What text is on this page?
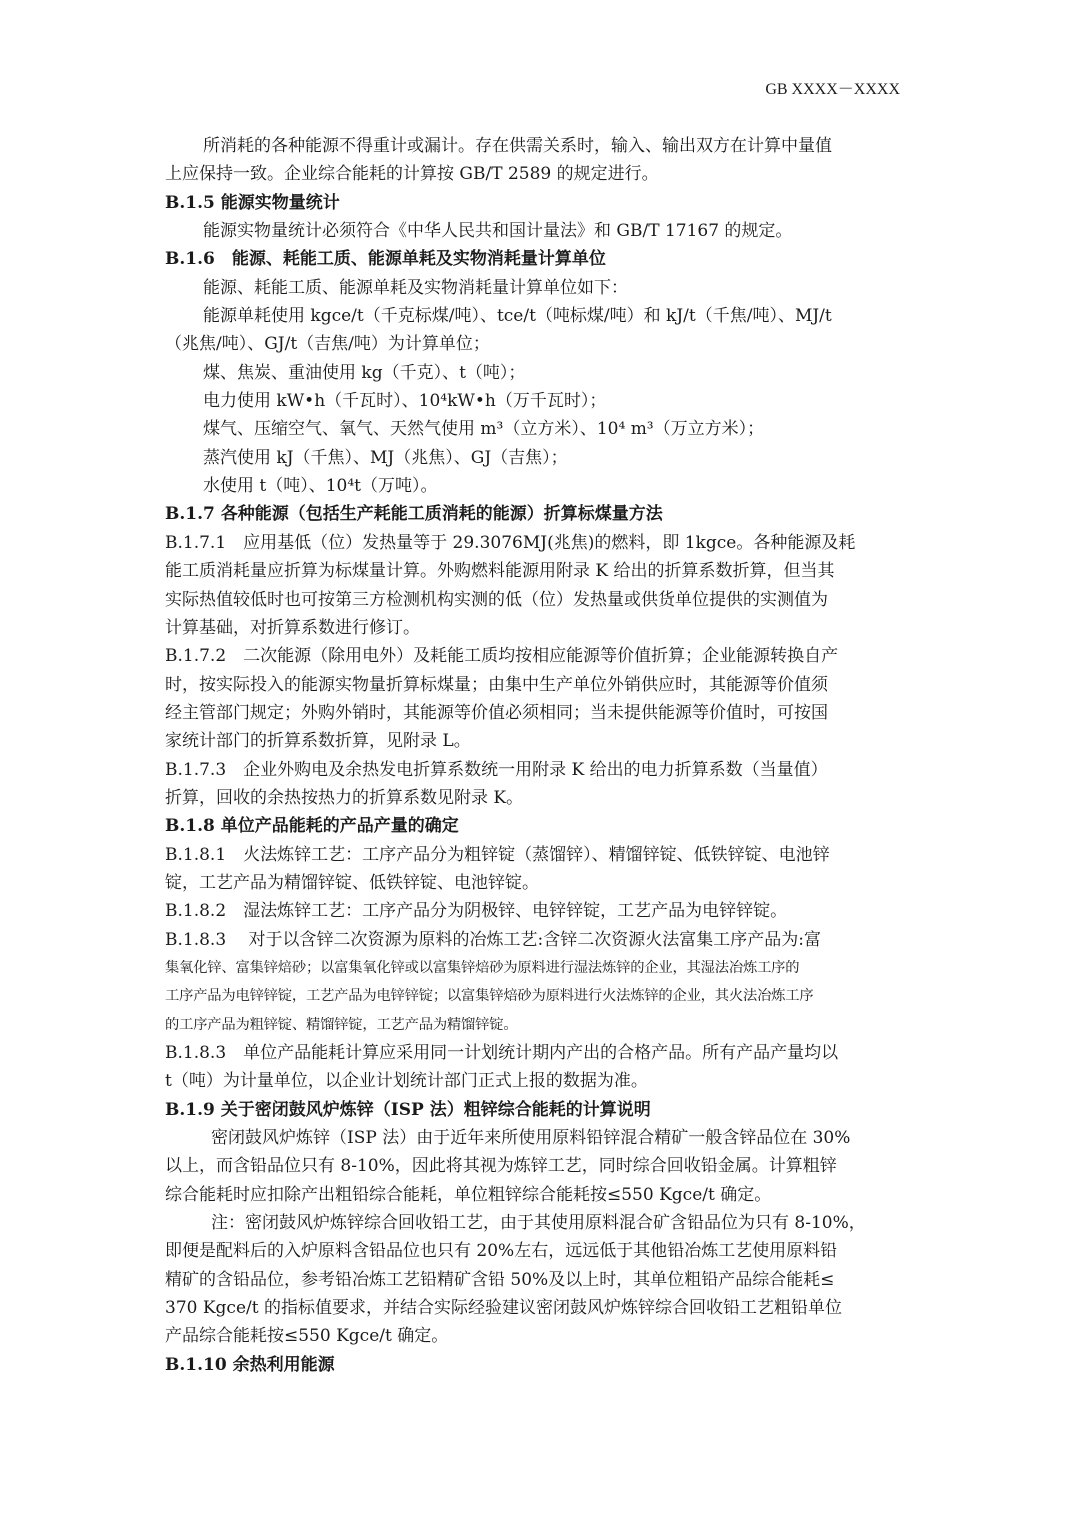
GB XXXX－XXXX
所消耗的各种能源不得重计或漏计。存在供需关系时，输入、输出双方在计算中量值
上应保持一致。企业综合能耗的计算按 GB/T 2589 的规定进行。
B.1.5 能源实物量统计
能源实物量统计必须符合《中华人民共和国计量法》和 GB/T 17167 的规定。
B.1.6　能源、耗能工质、能源单耗及实物消耗量计算单位
能源、耗能工质、能源单耗及实物消耗量计算单位如下：
能源单耗使用 kgce/t（千克标煤/吨）、tce/t（吨标煤/吨）和 kJ/t（千焦/吨）、MJ/t
（兆焦/吨）、GJ/t（吉焦/吨）为计算单位；
煤、焦炭、重油使用 kg（千克）、t（吨）；
电力使用 kW•h（千瓦时）、10⁴kW•h（万千瓦时）；
煤气、压缩空气、氧气、天然气使用 m³（立方米）、10⁴ m³（万立方米）；
蒸汽使用 kJ（千焦）、MJ（兆焦）、GJ（吉焦）；
水使用 t（吨）、10⁴t（万吨）。
B.1.7 各种能源（包括生产耗能工质消耗的能源）折算标煤量方法
B.1.7.1　应用基低（位）发热量等于 29.3076MJ(兆焦)的燃料，即 1kgce。各种能源及耗
能工质消耗量应折算为标煤量计算。外购燃料能源用附录 K 给出的折算系数折算，但当其
实际热值较低时也可按第三方检测机构实测的低（位）发热量或供货单位提供的实测值为
计算基础，对折算系数进行修订。
B.1.7.2　二次能源（除用电外）及耗能工质均按相应能源等价值折算；企业能源转换自产
时，按实际投入的能源实物量折算标煤量；由集中生产单位外销供应时，其能源等价值须
经主管部门规定；外购外销时，其能源等价值必须相同；当未提供能源等价值时，可按国
家统计部门的折算系数折算，见附录 L。
B.1.7.3　企业外购电及余热发电折算系数统一用附录 K 给出的电力折算系数（当量值）
折算，回收的余热按热力的折算系数见附录 K。
B.1.8 单位产品能耗的产品产量的确定
B.1.8.1　火法炼锌工艺：工序产品分为粗锌锭（蒸馏锌）、精馏锌锭、低铁锌锭、电池锌
锭，工艺产品为精馏锌锭、低铁锌锭、电池锌锭。
B.1.8.2　湿法炼锌工艺：工序产品分为阴极锌、电锌锌锭，工艺产品为电锌锌锭。
B.1.8.3　 对于以含锌二次资源为原料的冶炼工艺:含锌二次资源火法富集工序产品为:富
集氧化锌、富集锌焙砂；以富集氧化锌或以富集锌焙砂为原料进行湿法炼锌的企业，其湿法冶炼工序的
工序产品为电锌锌锭，工艺产品为电锌锌锭；以富集锌焙砂为原料进行火法炼锌的企业，其火法冶炼工序
的工序产品为粗锌锭、精馏锌锭，工艺产品为精馏锌锭。
B.1.8.3　单位产品能耗计算应采用同一计划统计期内产出的合格产品。所有产品产量均以
t（吨）为计量单位，以企业计划统计部门正式上报的数据为准。
B.1.9 关于密闭鼓风炉炼锌（ISP 法）粗锌综合能耗的计算说明
密闭鼓风炉炼锌（ISP 法）由于近年来所使用原料铅锌混合精矿一般含锌品位在 30%
以上，而含铅品位只有 8-10%，因此将其视为炼锌工艺，同时综合回收铅金属。计算粗锌
综合能耗时应扣除产出粗铅综合能耗，单位粗锌综合能耗按≤550 Kgce/t 确定。
注：密闭鼓风炉炼锌综合回收铅工艺，由于其使用原料混合矿含铅品位为只有 8-10%，
即便是配料后的入炉原料含铅品位也只有 20%左右，远远低于其他铅冶炼工艺使用原料铅
精矿的含铅品位，参考铅冶炼工艺铅精矿含铅 50%及以上时，其单位粗铅产品综合能耗≤
370 Kgce/t 的指标值要求，并结合实际经验建议密闭鼓风炉炼锌综合回收铅工艺粗铅单位
产品综合能耗按≤550 Kgce/t 确定。
B.1.10 余热利用能源
